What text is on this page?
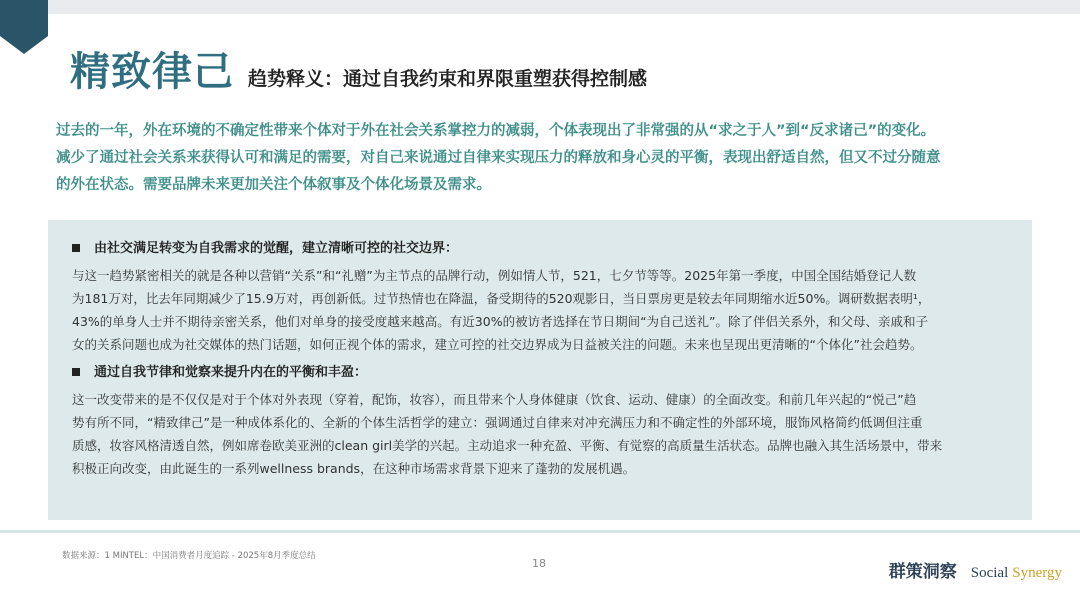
精致律己 趋势释义：通过自我约束和界限重塑获得控制感

过去的一年，外在环境的不确定性带来个体对于外在社会关系掌控力的减弱，个体表现出了非常强的从“求之于人”到“反求诸己”的变化。

减少了通过社会关系来获得认可和满足的需要，对自己来说通过自律来实现压力的释放和身心灵的平衡，表现出舒适自然，但又不过分随意

的外在状态。需要品牌未来更加关注个体叙事及个体化场景及需求。

由社交满足转变为自我需求的觉醒，建立清晰可控的社交边界：

与这一趋势紧密相关的就是各种以营销“关系”和“礼赠”为主节点的品牌行动，例如情人节，521，七夕节等等。2025年第一季度，中国全国结婚登记人数

为181万对，比去年同期减少了15.9万对，再创新低。过节热情也在降温，备受期待的520观影日，当日票房更是较去年同期缩水近50%。调研数据表明¹，

43%的单身人士并不期待亲密关系，他们对单身的接受度越来越高。有近30%的被访者选择在节日期间“为自己送礼”。除了伴侣关系外，和父母、亲戚和子

女的关系问题也成为社交媒体的热门话题，如何正视个体的需求，建立可控的社交边界成为日益被关注的问题。未来也呈现出更清晰的“个体化”社会趋势。

通过自我节律和觉察来提升内在的平衡和丰盈：

这一改变带来的是不仅仅是对于个体对外表现（穿着，配饰，妆容），而且带来个人身体健康（饮食、运动、健康）的全面改变。和前几年兴起的“悦己”趋

势有所不同，“精致律己”是一种成体系化的、全新的个体生活哲学的建立：强调通过自律来对冲充满压力和不确定性的外部环境，服饰风格简约低调但注重

质感，妆容风格清透自然，例如席卷欧美亚洲的clean girl美学的兴起。主动追求一种充盈、平衡、有觉察的高质量生活状态。品牌也融入其生活场景中，带来

积极正向改变，由此诞生的一系列wellness brands，在这种市场需求背景下迎来了蓬勃的发展机遇。

数据来源：1 MINTEL：中国消费者月度追踪 - 2025年8月季度总结
18	群策洞察 Social Synergy
